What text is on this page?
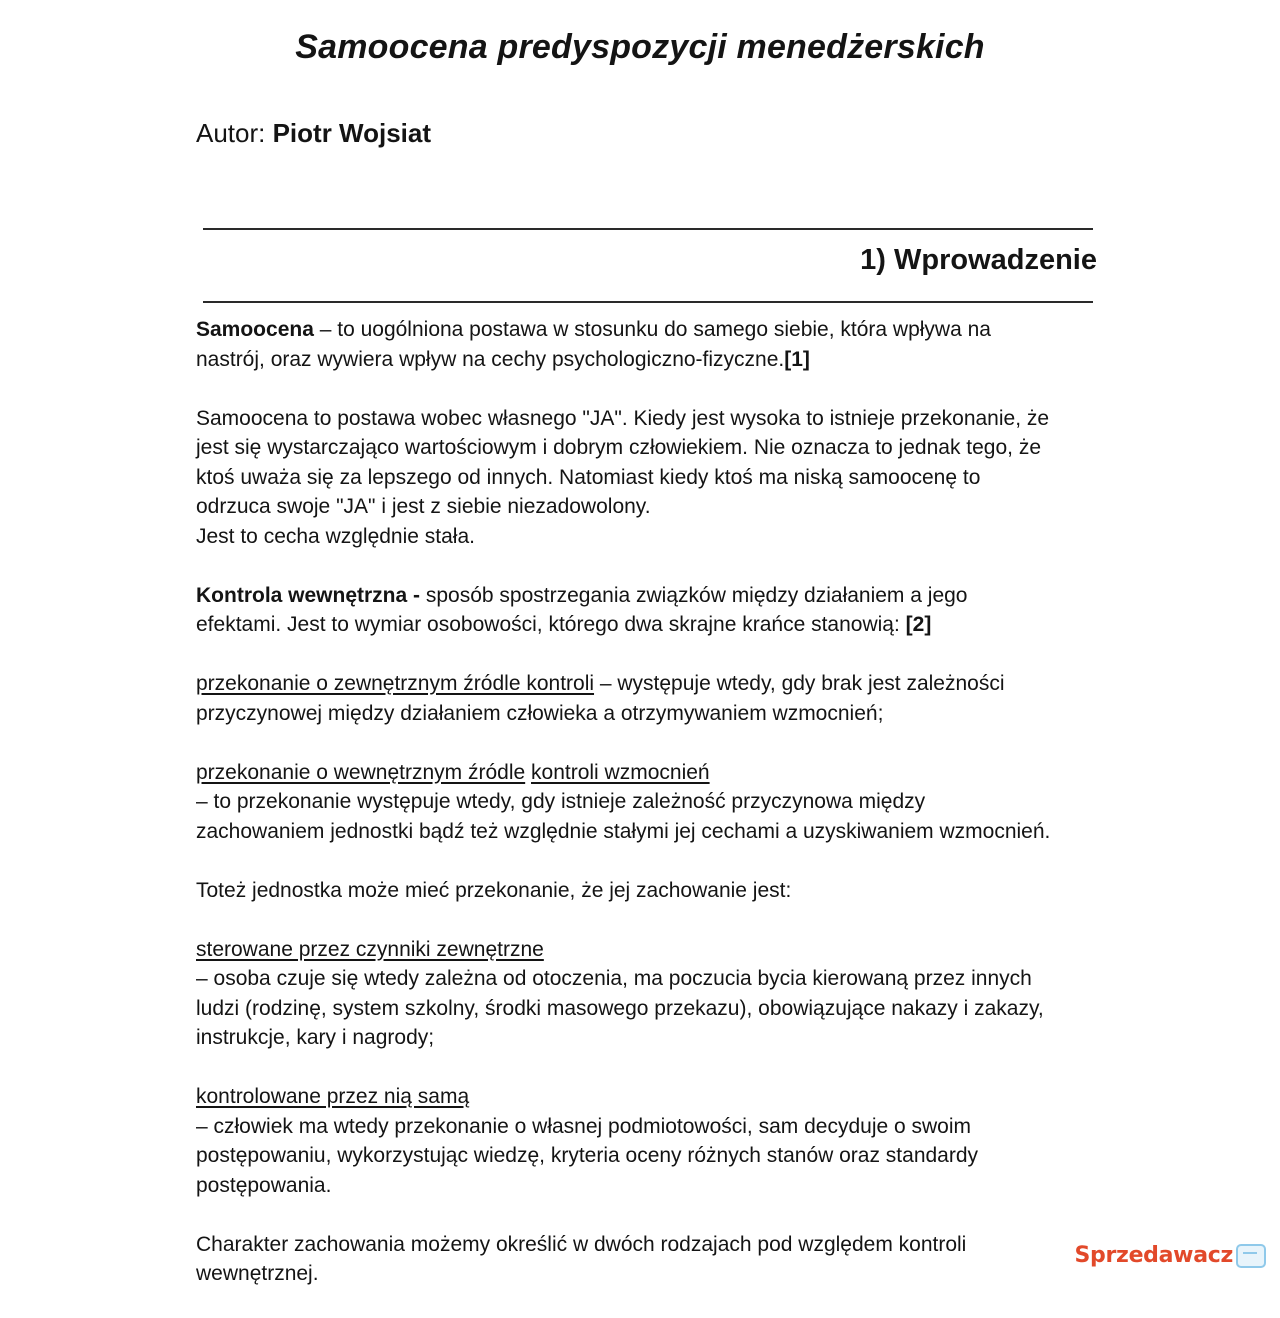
Samoocena predyspozycji menedżerskich
Autor: Piotr Wojsiat
1) Wprowadzenie

Samoocena – to uogólniona postawa w stosunku do samego siebie, która wpływa na
nastrój, oraz wywiera wpływ na cechy psychologiczno-fizyczne.[1]

Samoocena to postawa wobec własnego "JA". Kiedy jest wysoka to istnieje przekonanie, że
jest się wystarczająco wartościowym i dobrym człowiekiem. Nie oznacza to jednak tego, że
ktoś uważa się za lepszego od innych. Natomiast kiedy ktoś ma niską samoocenę to
odrzuca swoje "JA" i jest z siebie niezadowolony.
Jest to cecha względnie stała.

Kontrola wewnętrzna - sposób spostrzegania związków między działaniem a jego
efektami. Jest to wymiar osobowości, którego dwa skrajne krańce stanowią: [2]

przekonanie o zewnętrznym źródle kontroli – występuje wtedy, gdy brak jest zależności
przyczynowej między działaniem człowieka a otrzymywaniem wzmocnień;

przekonanie o wewnętrznym źródle kontroli wzmocnień
– to przekonanie występuje wtedy, gdy istnieje zależność przyczynowa między
zachowaniem jednostki bądź też względnie stałymi jej cechami a uzyskiwaniem wzmocnień.

Toteż jednostka może mieć przekonanie, że jej zachowanie jest:

sterowane przez czynniki zewnętrzne
– osoba czuje się wtedy zależna od otoczenia, ma poczucia bycia kierowaną przez innych
ludzi (rodzinę, system szkolny, środki masowego przekazu), obowiązujące nakazy i zakazy,
instrukcje, kary i nagrody;

kontrolowane przez nią samą
– człowiek ma wtedy przekonanie o własnej podmiotowości, sam decyduje o swoim
postępowaniu, wykorzystując wiedzę, kryteria oceny różnych stanów oraz standardy
postępowania.

Charakter zachowania możemy określić w dwóch rodzajach pod względem kontroli
wewnętrznej.

Sprzedawacz
